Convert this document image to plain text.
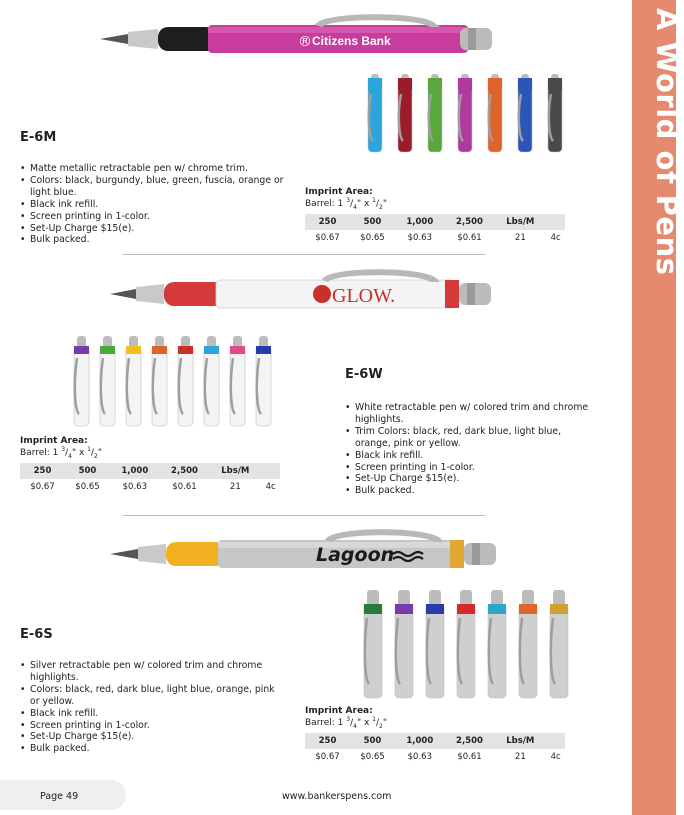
A World of Pens
Citizens Bank
®
E-6M
• Matte metallic retractable pen w/ chrome trim.
• Colors: black, burgundy, blue, green, fuscia, orange or light blue.
• Black ink refill.
• Screen printing in 1-color.
• Set-Up Charge $15(e).
• Bulk packed.
Imprint Area:
Barrel: 1 $^3/_4$" x $^1/_2$"
250	500	1,000	2,500	Lbs/M	
$0.67	$0.65	$0.63	$0.61	21	4c
GLOW.
E-6W
• White retractable pen w/ colored trim and chrome highlights.
• Trim Colors: black, red, dark blue, light blue, orange, pink or yellow.
• Black ink refill.
• Screen printing in 1-color.
• Set-Up Charge $15(e).
• Bulk packed.
Imprint Area:
Barrel: 1 $^3/_4$" x $^1/_2$"
250	500	1,000	2,500	Lbs/M	
$0.67	$0.65	$0.63	$0.61	21	4c
Lagoon
E-6S
• Silver retractable pen w/ colored trim and chrome highlights.
• Colors: black, red, dark blue, light blue, orange, pink or yellow.
• Black ink refill.
• Screen printing in 1-color.
• Set-Up Charge $15(e).
• Bulk packed.
Imprint Area:
Barrel: 1 $^3/_4$" x $^1/_2$"
250	500	1,000	2,500	Lbs/M	
$0.67	$0.65	$0.63	$0.61	21	4c
Page 49	www.bankerspens.com
